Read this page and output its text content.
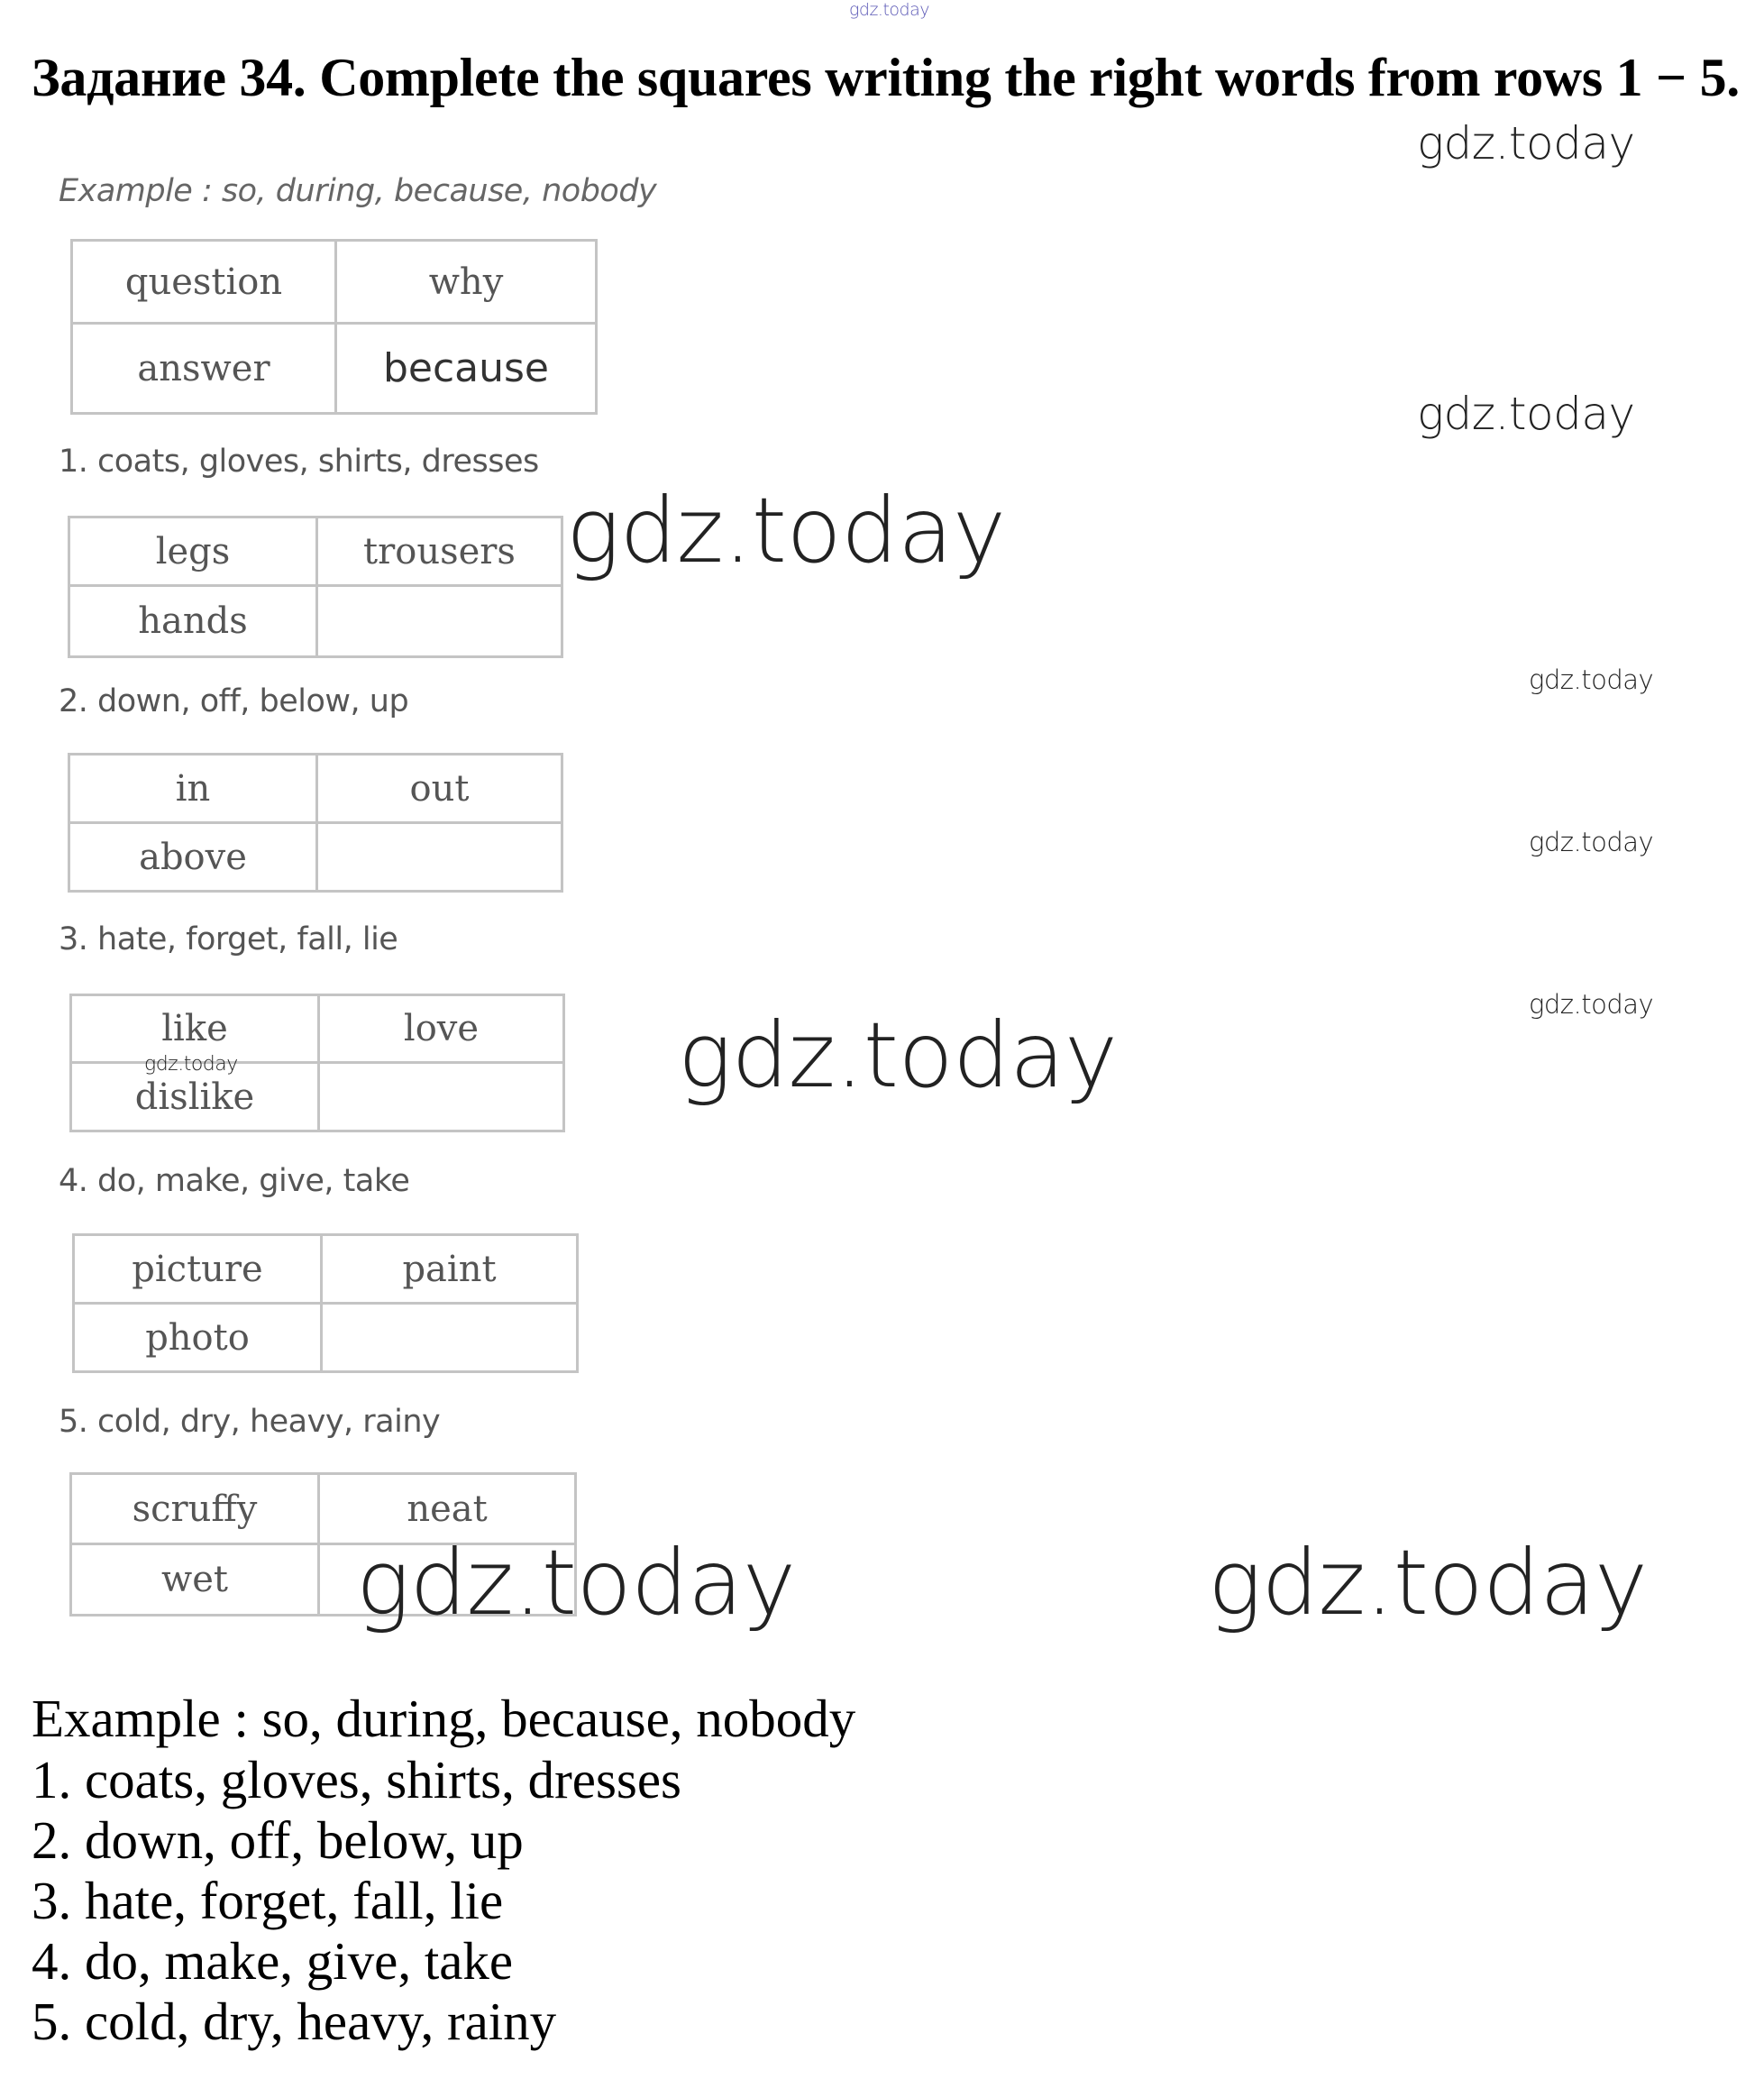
gdz.today
Задание 34. Complete the squares writing the right words from rows 1 − 5.
gdz.today
gdz.today
gdz.today
gdz.today
gdz.today
Example : so, during, because, nobody
question	why
answer	because
1. coats, gloves, shirts, dresses
legs	trousers
hands	
gdz.today
2. down, off, below, up
in	out
above	
3. hate, forget, fall, lie
like	love
dislike	
gdz.today	gdz.today
4. do, make, give, take
picture	paint
photo	
5. cold, dry, heavy, rainy
scruffy	neat
wet	gdz.today	gdz.today
Example : so, during, because, nobody
1. coats, gloves, shirts, dresses
2. down, off, below, up
3. hate, forget, fall, lie
4. do, make, give, take
5. cold, dry, heavy, rainy
